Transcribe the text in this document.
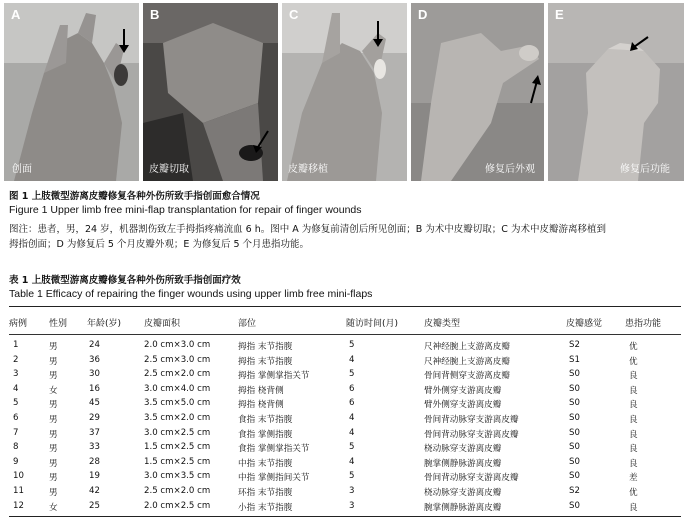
A
创面
B
皮瓣切取
C
皮瓣移植
D
修复后外观
E
修复后功能
图 1 上肢微型游离皮瓣修复各种外伤所致手指创面愈合情况
Figure 1 Upper limb free mini-flap transplantation for repair of finger wounds
图注：患者，男，24 岁，机器割伤致左手拇指疼痛流血 6 h。图中 A 为修复前清创后所见创面；B 为术中皮瓣切取；C 为术中皮瓣游离移植到
拇指创面；D 为修复后 5 个月皮瓣外观；E 为修复后 5 个月患指功能。
表 1 上肢微型游离皮瓣修复各种外伤所致手指创面疗效
Table 1 Efficacy of repairing the finger wounds using upper limb free mini-flaps
病例 性别 年龄(岁)	皮瓣面积	部位	随访时间(月)	皮瓣类型	皮瓣感觉	患指功能
1	男	24	2.0 cm×3.0 cm	拇指 末节指腹	5	尺神经腕上支游离皮瓣	S2	优
2	男	36	2.5 cm×3.0 cm	拇指 末节指腹	4	尺神经腕上支游离皮瓣	S1	优
3	男	30	2.5 cm×2.0 cm	拇指 掌侧掌指关节	5	骨间背侧穿支游离皮瓣	S0	良
4	女	16	3.0 cm×4.0 cm	拇指 桡背侧	6	臂外侧穿支游离皮瓣	S0	良
5	男	45	3.5 cm×5.0 cm	拇指 桡背侧	6	臂外侧穿支游离皮瓣	S0	良
6	男	29	3.5 cm×2.0 cm	食指 末节指腹	4	骨间背动脉穿支游离皮瓣	S0	良
7	男	37	3.0 cm×2.5 cm	食指 掌侧指腹	4	骨间背动脉穿支游离皮瓣	S0	良
8	男	33	1.5 cm×2.5 cm	食指 掌侧掌指关节	5	桡动脉穿支游离皮瓣	S0	良
9	男	28	1.5 cm×2.5 cm	中指 末节指腹	4	腕掌侧静脉游离皮瓣	S0	良
10	男	19	3.0 cm×3.5 cm	中指 掌侧指间关节	5	骨间背动脉穿支游离皮瓣	S0	差
11	男	42	2.5 cm×2.0 cm	环指 末节指腹	3	桡动脉穿支游离皮瓣	S2	优
12	女	25	2.0 cm×2.5 cm	小指 末节指腹	3	腕掌侧静脉游离皮瓣	S0	良
